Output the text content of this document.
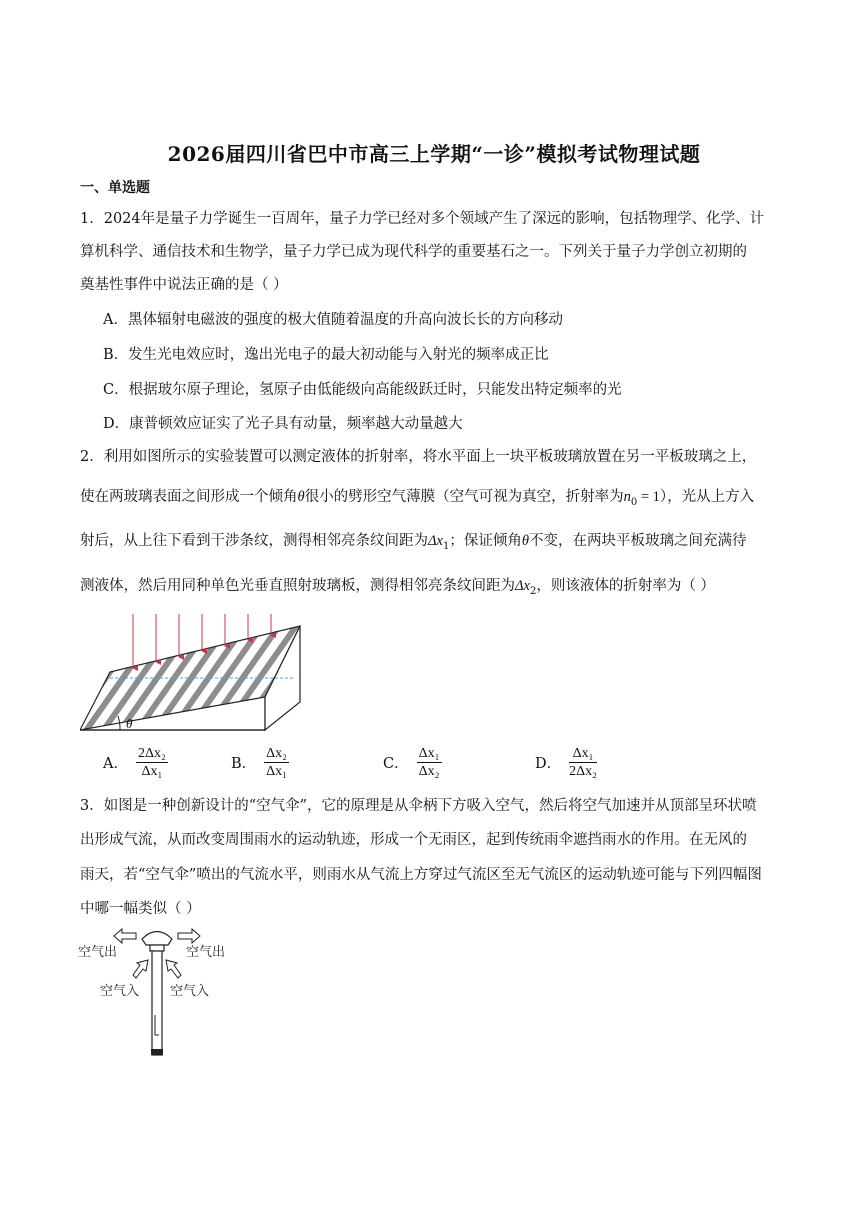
2026届四川省巴中市高三上学期“一诊”模拟考试物理试题
一、单选题
1．2024年是量子力学诞生一百周年，量子力学已经对多个领域产生了深远的影响，包括物理学、化学、计
算机科学、通信技术和生物学，量子力学已成为现代科学的重要基石之一。下列关于量子力学创立初期的
奠基性事件中说法正确的是（ ）
A．黑体辐射电磁波的强度的极大值随着温度的升高向波长长的方向移动
B．发生光电效应时，逸出光电子的最大初动能与入射光的频率成正比
C．根据玻尔原子理论，氢原子由低能级向高能级跃迁时，只能发出特定频率的光
D．康普顿效应证实了光子具有动量，频率越大动量越大
2．利用如图所示的实验装置可以测定液体的折射率，将水平面上一块平板玻璃放置在另一平板玻璃之上，
使在两玻璃表面之间形成一个倾角θ很小的劈形空气薄膜（空气可视为真空，折射率为$n_0 = 1$），光从上方入
射后，从上往下看到干涉条纹，测得相邻亮条纹间距为$\Delta x_1$；保证倾角θ不变，在两块平板玻璃之间充满待
测液体，然后用同种单色光垂直照射玻璃板，测得相邻亮条纹间距为$\Delta x_2$，则该液体的折射率为（ ）
θ
A． $\frac{\text{2Δx₂}}{\text{Δx₁}}$	B． $\frac{\text{Δx₂}}{\text{Δx₁}}$	C． $\frac{\text{Δx₁}}{\text{Δx₂}}$	D． $\frac{\text{Δx₁}}{\text{2Δx₂}}$
3．如图是一种创新设计的“空气伞”，它的原理是从伞柄下方吸入空气，然后将空气加速并从顶部呈环状喷
出形成气流，从而改变周围雨水的运动轨迹，形成一个无雨区，起到传统雨伞遮挡雨水的作用。在无风的
雨天，若“空气伞”喷出的气流水平，则雨水从气流上方穿过气流区至无气流区的运动轨迹可能与下列四幅图
中哪一幅类似（ ）
空气出	空气出
空气入 空气入
